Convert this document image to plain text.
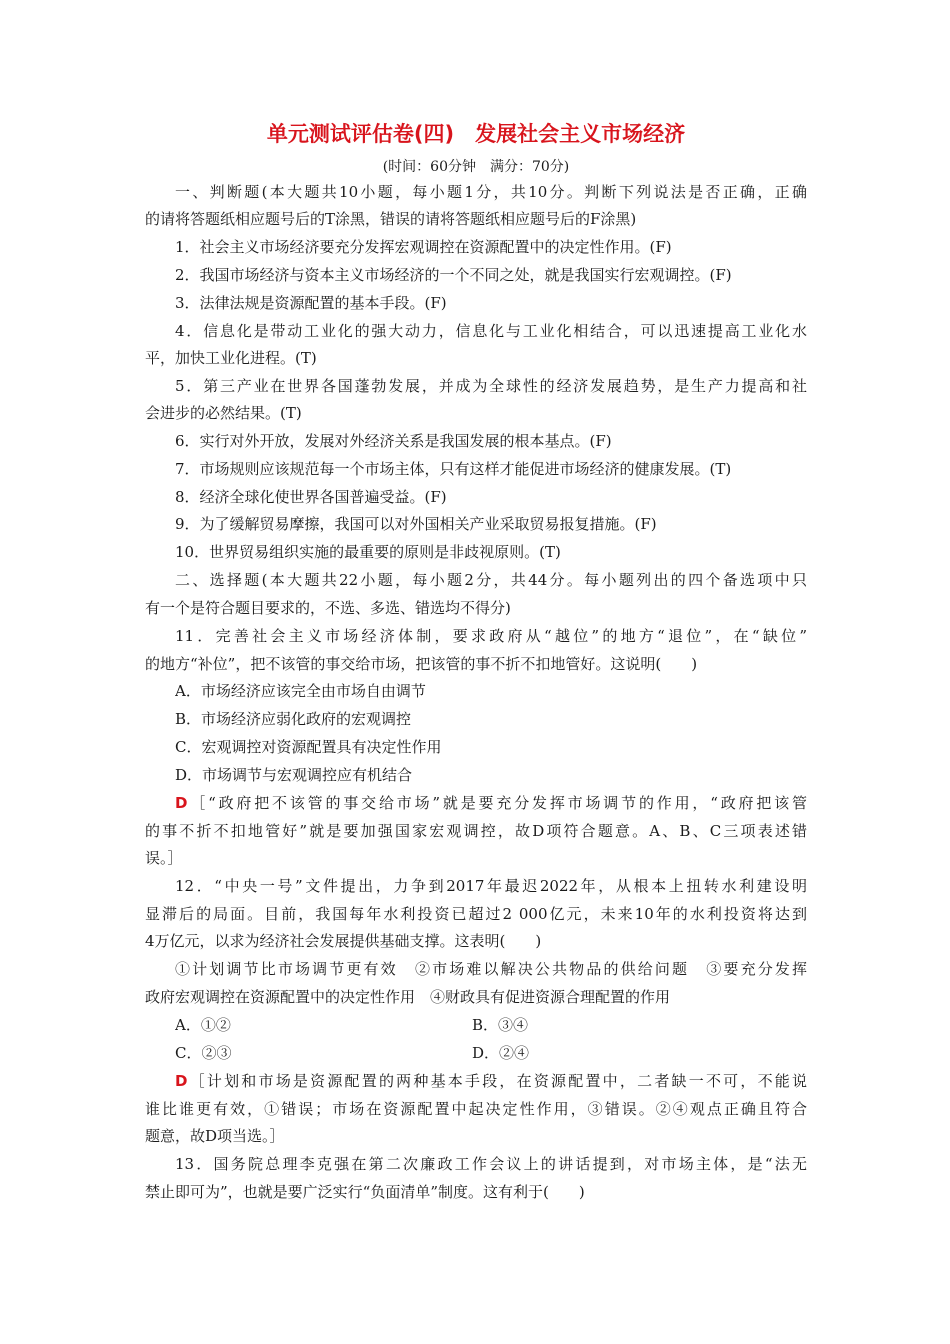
单元测试评估卷(四)　发展社会主义市场经济
(时间：60分钟　满分：70分)
一、判断题(本大题共10小题，每小题1分，共10分。判断下列说法是否正确，正确
的请将答题纸相应题号后的T涂黑，错误的请将答题纸相应题号后的F涂黑)
1．社会主义市场经济要充分发挥宏观调控在资源配置中的决定性作用。(F)
2．我国市场经济与资本主义市场经济的一个不同之处，就是我国实行宏观调控。(F)
3．法律法规是资源配置的基本手段。(F)
4．信息化是带动工业化的强大动力，信息化与工业化相结合，可以迅速提高工业化水
平，加快工业化进程。(T)
5．第三产业在世界各国蓬勃发展，并成为全球性的经济发展趋势，是生产力提高和社
会进步的必然结果。(T)
6．实行对外开放，发展对外经济关系是我国发展的根本基点。(F)
7．市场规则应该规范每一个市场主体，只有这样才能促进市场经济的健康发展。(T)
8．经济全球化使世界各国普遍受益。(F)
9．为了缓解贸易摩擦，我国可以对外国相关产业采取贸易报复措施。(F)
10．世界贸易组织实施的最重要的原则是非歧视原则。(T)
二、选择题(本大题共22小题，每小题2分，共44分。每小题列出的四个备选项中只
有一个是符合题目要求的，不选、多选、错选均不得分)
11．完善社会主义市场经济体制，要求政府从“越位”的地方“退位”，在“缺位”
的地方“补位”，把不该管的事交给市场，把该管的事不折不扣地管好。这说明(　　)
A．市场经济应该完全由市场自由调节
B．市场经济应弱化政府的宏观调控
C．宏观调控对资源配置具有决定性作用
D．市场调节与宏观调控应有机结合
D［“政府把不该管的事交给市场”就是要充分发挥市场调节的作用，“政府把该管
的事不折不扣地管好”就是要加强国家宏观调控，故D项符合题意。A、B、C三项表述错
误。］
12．“中央一号”文件提出，力争到2017年最迟2022年，从根本上扭转水利建设明
显滞后的局面。目前，我国每年水利投资已超过2 000亿元，未来10年的水利投资将达到
4万亿元，以求为经济社会发展提供基础支撑。这表明(　　)
①计划调节比市场调节更有效　②市场难以解决公共物品的供给问题　③要充分发挥
政府宏观调控在资源配置中的决定性作用　④财政具有促进资源合理配置的作用
A．①②	B．③④
C．②③	D．②④
D［计划和市场是资源配置的两种基本手段，在资源配置中，二者缺一不可，不能说
谁比谁更有效，①错误；市场在资源配置中起决定性作用，③错误。②④观点正确且符合
题意，故D项当选。］
13．国务院总理李克强在第二次廉政工作会议上的讲话提到，对市场主体，是“法无
禁止即可为”，也就是要广泛实行“负面清单”制度。这有利于(　　)
